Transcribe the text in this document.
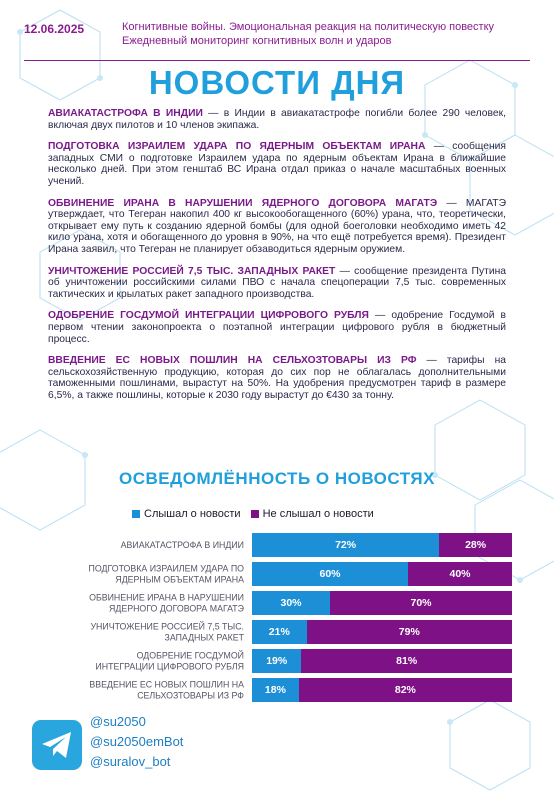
12.06.2025	Когнитивные войны. Эмоциональная реакция на политическую повестку
Ежедневный мониторинг когнитивных волн и ударов
НОВОСТИ ДНЯ

АВИАКАТАСТРОФА В ИНДИИ — в Индии в авиакатастрофе погибли более 290 человек, включая двух пилотов и 10 членов экипажа.

ПОДГОТОВКА ИЗРАИЛЕМ УДАРА ПО ЯДЕРНЫМ ОБЪЕКТАМ ИРАНА — сообщения западных СМИ о подготовке Израилем удара по ядерным объектам Ирана в ближайшие несколько дней. При этом генштаб ВС Ирана отдал приказ о начале масштабных военных учений.

ОБВИНЕНИЕ ИРАНА В НАРУШЕНИИ ЯДЕРНОГО ДОГОВОРА МАГАТЭ — МАГАТЭ утверждает, что Тегеран накопил 400 кг высокообогащенного (60%) урана, что, теоретически, открывает ему путь к созданию ядерной бомбы (для одной боеголовки необходимо иметь 42 кило урана, хотя и обогащенного до уровня в 90%, на что ещё потребуется время). Президент Ирана заявил, что Тегеран не планирует обзаводиться ядерным оружием.

УНИЧТОЖЕНИЕ РОССИЕЙ 7,5 ТЫС. ЗАПАДНЫХ РАКЕТ — сообщение президента Путина об уничтожении российскими силами ПВО с начала спецоперации 7,5 тыс. современных тактических и крылатых ракет западного производства.

ОДОБРЕНИЕ ГОСДУМОЙ ИНТЕГРАЦИИ ЦИФРОВОГО РУБЛЯ — одобрение Госдумой в первом чтении законопроекта о поэтапной интеграции цифрового рубля в бюджетный процесс.

ВВЕДЕНИЕ ЕС НОВЫХ ПОШЛИН НА СЕЛЬХОЗТОВАРЫ ИЗ РФ — тарифы на сельскохозяйственную продукцию, которая до сих пор не облагалась дополнительными таможенными пошлинами, вырастут на 50%. На удобрения предусмотрен тариф в размере 6,5%, а также пошлины, которые к 2030 году вырастут до €430 за тонну.

ОСВЕДОМЛЁННОСТЬ О НОВОСТЯХ
Слышал о новости Не слышал о новости
АВИАКАТАСТРОФА В ИНДИИ	72%	28%
ПОДГОТОВКА ИЗРАИЛЕМ УДАРА ПО ЯДЕРНЫМ ОБЪЕКТАМ ИРАНА	60%	40%
ОБВИНЕНИЕ ИРАНА В НАРУШЕНИИ ЯДЕРНОГО ДОГОВОРА МАГАТЭ	30%	70%
УНИЧТОЖЕНИЕ РОССИЕЙ 7,5 ТЫС. ЗАПАДНЫХ РАКЕТ	21%	79%
ОДОБРЕНИЕ ГОСДУМОЙ ИНТЕГРАЦИИ ЦИФРОВОГО РУБЛЯ	19%	81%
ВВЕДЕНИЕ ЕС НОВЫХ ПОШЛИН НА СЕЛЬХОЗТОВАРЫ ИЗ РФ	18%	82%
@su2050
@su2050emBot
@suralov_bot
